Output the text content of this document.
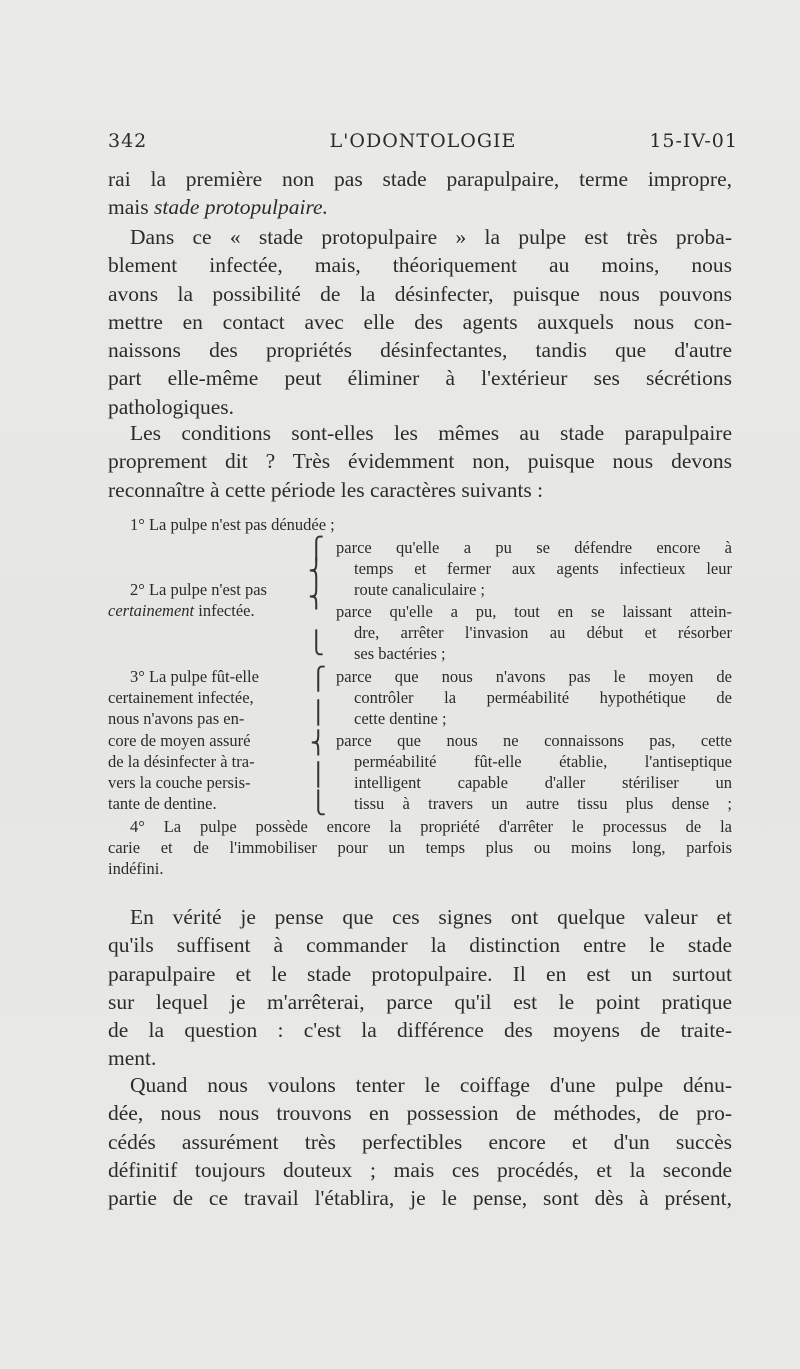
342	L'ODONTOLOGIE	15-IV-01
rai la première non pas stade parapulpaire, terme impropre,
mais stade protopulpaire.
Dans ce « stade protopulpaire » la pulpe est très proba-
blement infectée, mais, théoriquement au moins, nous
avons la possibilité de la désinfecter, puisque nous pouvons
mettre en contact avec elle des agents auxquels nous con-
naissons des propriétés désinfectantes, tandis que d'autre
part elle-même peut éliminer à l'extérieur ses sécrétions
pathologiques.
Les conditions sont-elles les mêmes au stade parapulpaire
proprement dit ? Très évidemment non, puisque nous devons
reconnaître à cette période les caractères suivants :
1° La pulpe n'est pas dénudée ;
2° La pulpe n'est pas
certainement infectée.
⎧
⎨
⎨
⎩
parce qu'elle a pu se défendre encore à
temps et fermer aux agents infectieux leur
route canaliculaire ;
parce qu'elle a pu, tout en se laissant attein-
dre, arrêter l'invasion au début et résorber
ses bactéries ;
3° La pulpe fût-elle
certainement infectée,
nous n'avons pas en-
core de moyen assuré
de la désinfecter à tra-
vers la couche persis-
tante de dentine.
⎧
⎪
⎨
⎪
⎩
parce que nous n'avons pas le moyen de
contrôler la perméabilité hypothétique de
cette dentine ;
parce que nous ne connaissons pas, cette
perméabilité fût-elle établie, l'antiseptique
intelligent capable d'aller stériliser un
tissu à travers un autre tissu plus dense ;
4° La pulpe possède encore la propriété d'arrêter le processus de la
carie et de l'immobiliser pour un temps plus ou moins long, parfois
indéfini.
En vérité je pense que ces signes ont quelque valeur et
qu'ils suffisent à commander la distinction entre le stade
parapulpaire et le stade protopulpaire. Il en est un surtout
sur lequel je m'arrêterai, parce qu'il est le point pratique
de la question : c'est la différence des moyens de traite-
ment.
Quand nous voulons tenter le coiffage d'une pulpe dénu-
dée, nous nous trouvons en possession de méthodes, de pro-
cédés assurément très perfectibles encore et d'un succès
définitif toujours douteux ; mais ces procédés, et la seconde
partie de ce travail l'établira, je le pense, sont dès à présent,
